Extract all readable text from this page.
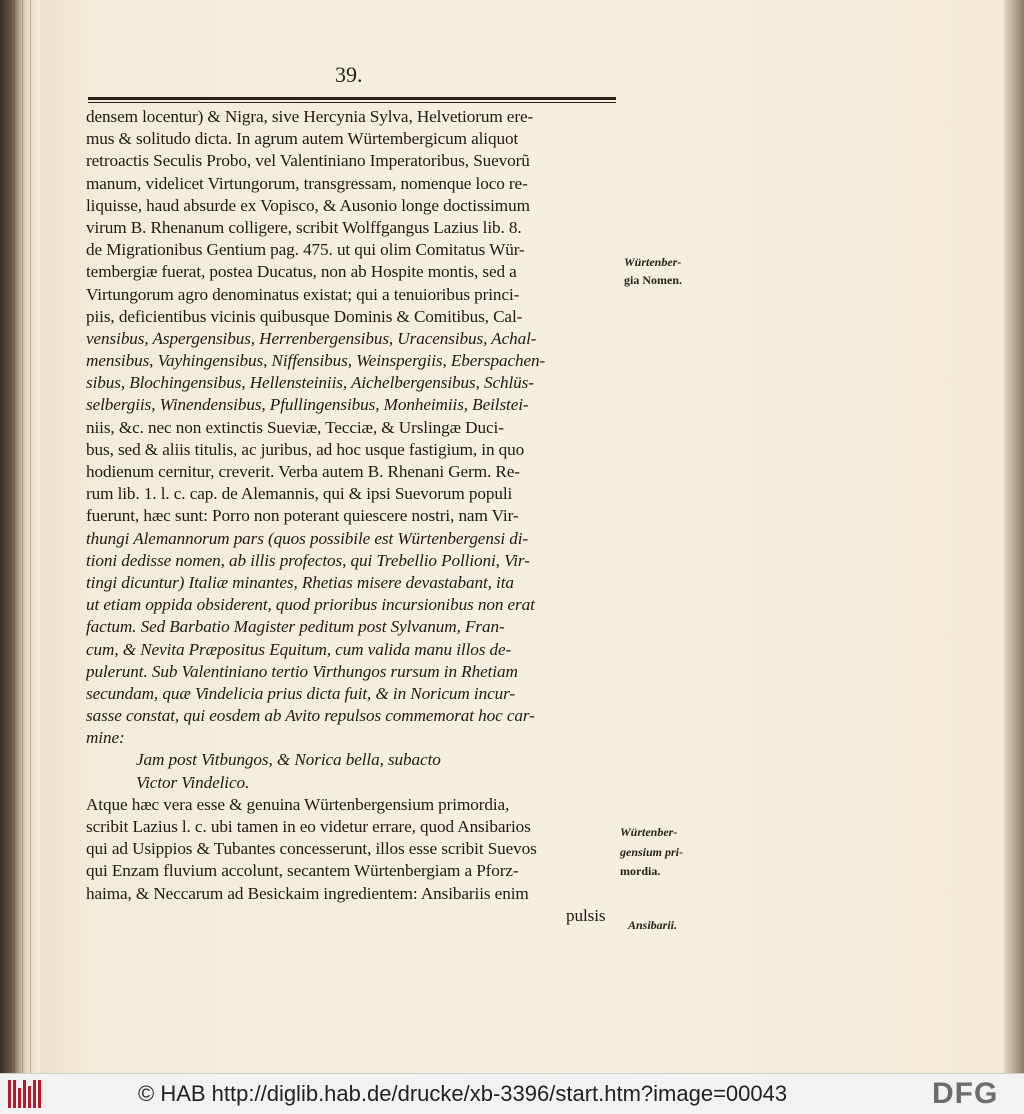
39.
densem locentur) & Nigra, sive Hercynia Sylva, Helvetiorum ere-
mus & solitudo dicta. In agrum autem Würtembergicum aliquot
retroactis Seculis Probo, vel Valentiniano Imperatoribus, Suevorũ
manum, videlicet Virtungorum, transgressam, nomenque loco re-
liquisse, haud absurde ex Vopisco, & Ausonio longe doctissimum
virum B. Rhenanum colligere, scribit Wolffgangus Lazius lib. 8.
de Migrationibus Gentium pag. 475. ut qui olim Comitatus Wür-
tembergiæ fuerat, postea Ducatus, non ab Hospite montis, sed a
Virtungorum agro denominatus existat; qui a tenuioribus princi-
piis, deficientibus vicinis quibusque Dominis & Comitibus, Cal-
vensibus, Aspergensibus, Herrenbergensibus, Uracensibus, Achal-
mensibus, Vayhingensibus, Niffensibus, Weinspergiis, Eberspachen-
sibus, Blochingensibus, Hellensteiniis, Aichelbergensibus, Schlüs-
selbergiis, Winendensibus, Pfullingensibus, Monheimiis, Beilstei-
niis, &c. nec non extinctis Sueviæ, Tecciæ, & Urslingæ Duci-
bus, sed & aliis titulis, ac juribus, ad hoc usque fastigium, in quo
hodienum cernitur, creverit. Verba autem B. Rhenani Germ. Re-
rum lib. 1. l. c. cap. de Alemannis, qui & ipsi Suevorum populi
fuerunt, hæc sunt: Porro non poterant quiescere nostri, nam Vir-
thungi Alemannorum pars (quos possibile est Würtenbergensi di-
tioni dedisse nomen, ab illis profectos, qui Trebellio Pollioni, Vir-
tingi dicuntur) Italiæ minantes, Rhetias misere devastabant, ita
ut etiam oppida obsiderent, quod prioribus incursionibus non erat
factum. Sed Barbatio Magister peditum post Sylvanum, Fran-
cum, & Nevita Præpositus Equitum, cum valida manu illos de-
pulerunt. Sub Valentiniano tertio Virthungos rursum in Rhetiam
secundam, quæ Vindelicia prius dicta fuit, & in Noricum incur-
sasse constat, qui eosdem ab Avito repulsos commemorat hoc car-
mine:
Jam post Vitbungos, & Norica bella, subacto
Victor Vindelico.
Atque hæc vera esse & genuina Würtenbergensium primordia,
scribit Lazius l. c. ubi tamen in eo videtur errare, quod Ansibarios
qui ad Usippios & Tubantes concesserunt, illos esse scribit Suevos
qui Enzam fluvium accolunt, secantem Würtenbergiam a Pforz-
haima, & Neccarum ad Besickaim ingredientem: Ansibariis enim
pulsis
Würtenber-
gia Nomen.
Würtenber-
gensium pri-
mordia.
Ansibarii.
© HAB http://diglib.hab.de/drucke/xb-3396/start.htm?image=00043	DFG
